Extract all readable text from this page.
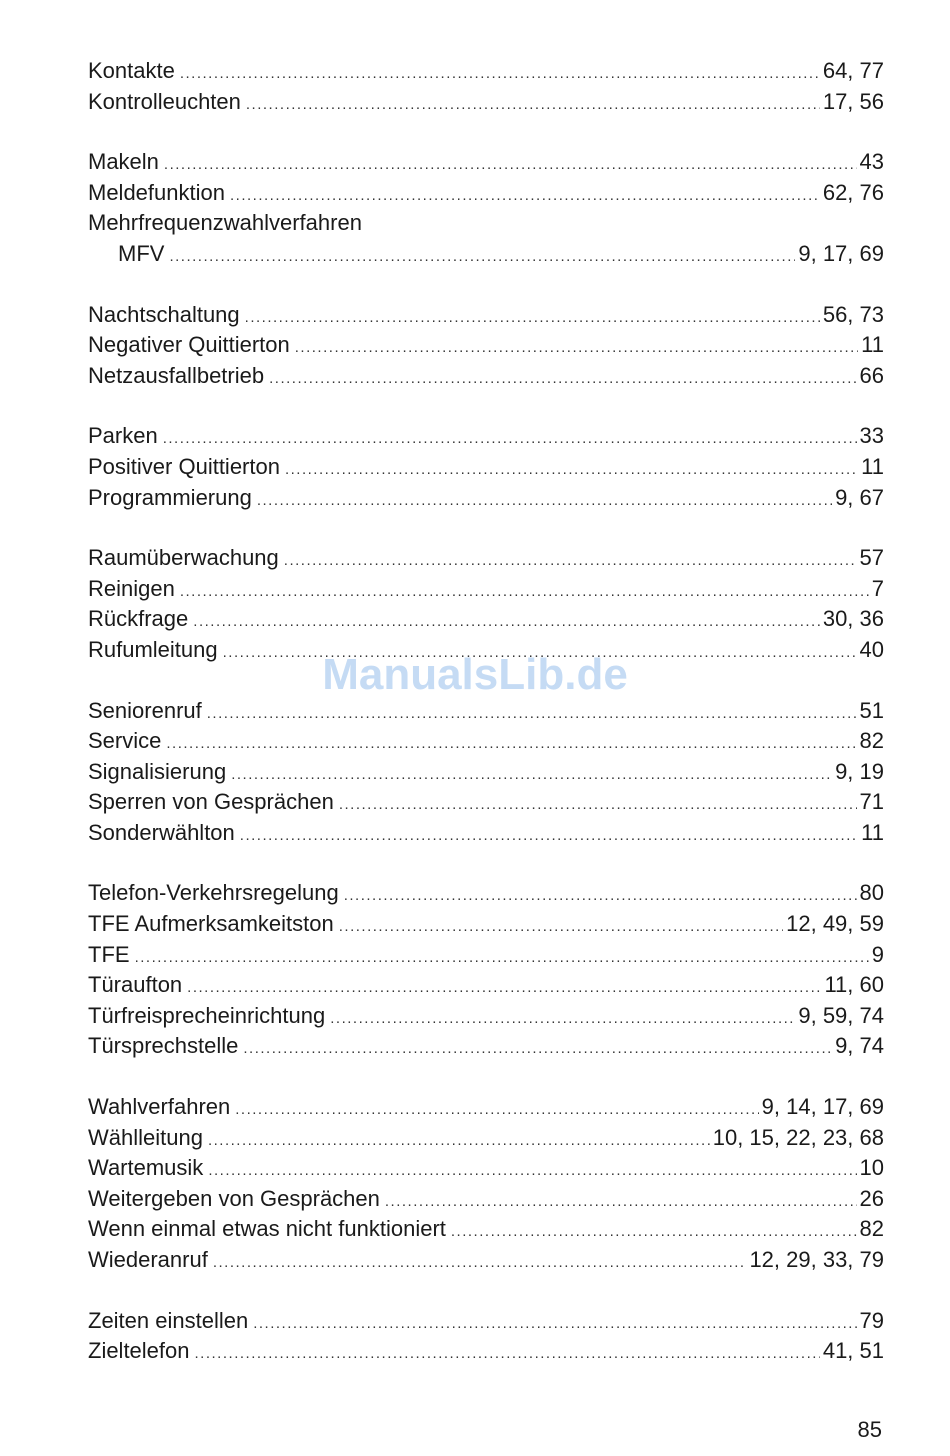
Kontakte .....	64, 77
Kontrolleuchten .....	17, 56
Makeln .....	43
Meldefunktion .....	62, 76
Mehrfrequenzwahlverfahren
MFV .....	9, 17, 69
Nachtschaltung .....	56, 73
Negativer Quittierton .....	11
Netzausfallbetrieb .....	66
Parken .....	33
Positiver Quittierton .....	11
Programmierung .....	9, 67
Raumüberwachung .....	57
Reinigen .....	7
Rückfrage .....	30, 36
Rufumleitung .....	40
Seniorenruf .....	51
Service .....	82
Signalisierung .....	9, 19
Sperren von Gesprächen .....	71
Sonderwählton .....	11
Telefon-Verkehrsregelung .....	80
TFE Aufmerksamkeitston .....	12, 49, 59
TFE .....	9
Türaufton .....	11, 60
Türfreisprecheinrichtung .....	9, 59, 74
Türsprechstelle .....	9, 74
Wahlverfahren .....	9, 14, 17, 69
Wählleitung .....	10, 15, 22, 23, 68
Wartemusik .....	10
Weitergeben von Gesprächen .....	26
Wenn einmal etwas nicht funktioniert .....	82
Wiederanruf .....	12, 29, 33, 79
Zeiten einstellen .....	79
Zieltelefon .....	41, 51
ManualsLib.de
85
